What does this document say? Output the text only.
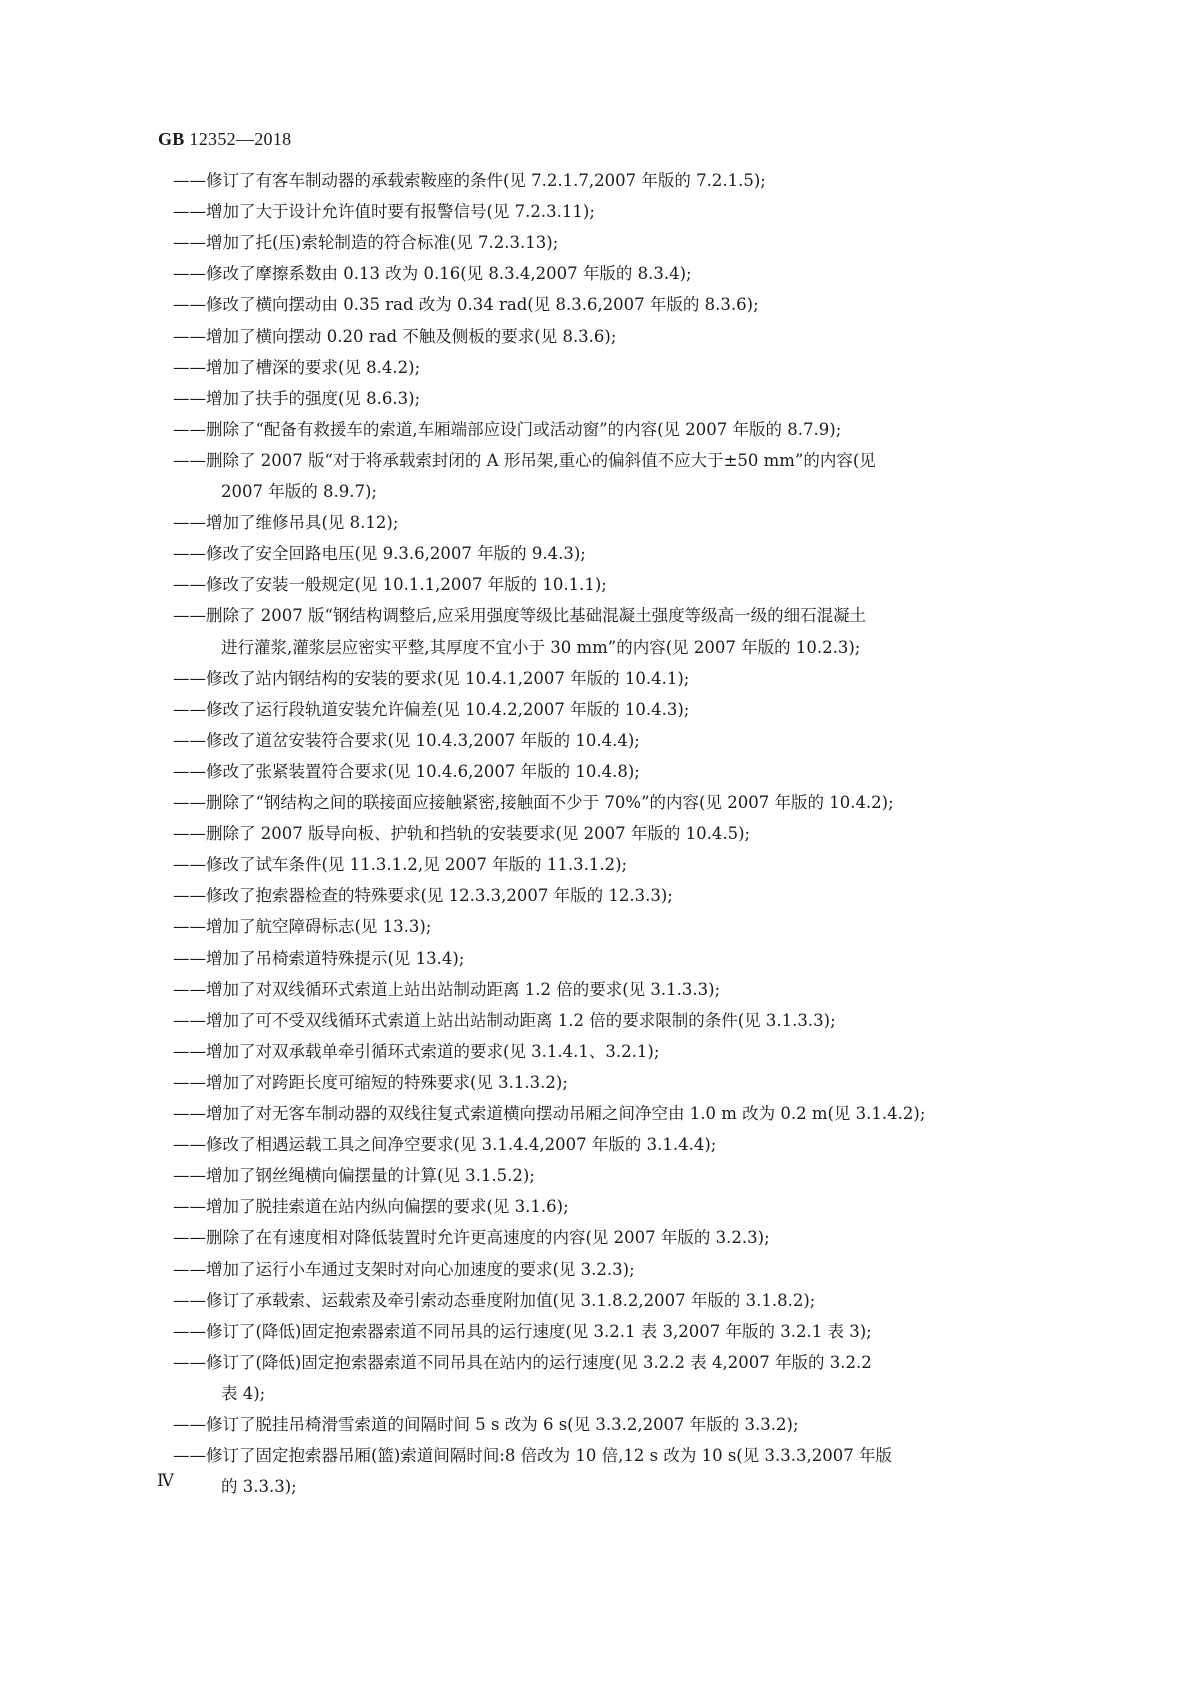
GB 12352—2018
——修订了有客车制动器的承载索鞍座的条件(见 7.2.1.7,2007 年版的 7.2.1.5);
——增加了大于设计允许值时要有报警信号(见 7.2.3.11);
——增加了托(压)索轮制造的符合标准(见 7.2.3.13);
——修改了摩擦系数由 0.13 改为 0.16(见 8.3.4,2007 年版的 8.3.4);
——修改了横向摆动由 0.35 rad 改为 0.34 rad(见 8.3.6,2007 年版的 8.3.6);
——增加了横向摆动 0.20 rad 不触及侧板的要求(见 8.3.6);
——增加了槽深的要求(见 8.4.2);
——增加了扶手的强度(见 8.6.3);
——删除了“配备有救援车的索道,车厢端部应设门或活动窗”的内容(见 2007 年版的 8.7.9);
——删除了 2007 版“对于将承载索封闭的 A 形吊架,重心的偏斜值不应大于±50 mm”的内容(见
2007 年版的 8.9.7);
——增加了维修吊具(见 8.12);
——修改了安全回路电压(见 9.3.6,2007 年版的 9.4.3);
——修改了安装一般规定(见 10.1.1,2007 年版的 10.1.1);
——删除了 2007 版“钢结构调整后,应采用强度等级比基础混凝土强度等级高一级的细石混凝土
进行灌浆,灌浆层应密实平整,其厚度不宜小于 30 mm”的内容(见 2007 年版的 10.2.3);
——修改了站内钢结构的安装的要求(见 10.4.1,2007 年版的 10.4.1);
——修改了运行段轨道安装允许偏差(见 10.4.2,2007 年版的 10.4.3);
——修改了道岔安装符合要求(见 10.4.3,2007 年版的 10.4.4);
——修改了张紧装置符合要求(见 10.4.6,2007 年版的 10.4.8);
——删除了“钢结构之间的联接面应接触紧密,接触面不少于 70%”的内容(见 2007 年版的 10.4.2);
——删除了 2007 版导向板、护轨和挡轨的安装要求(见 2007 年版的 10.4.5);
——修改了试车条件(见 11.3.1.2,见 2007 年版的 11.3.1.2);
——修改了抱索器检查的特殊要求(见 12.3.3,2007 年版的 12.3.3);
——增加了航空障碍标志(见 13.3);
——增加了吊椅索道特殊提示(见 13.4);
——增加了对双线循环式索道上站出站制动距离 1.2 倍的要求(见 3.1.3.3);
——增加了可不受双线循环式索道上站出站制动距离 1.2 倍的要求限制的条件(见 3.1.3.3);
——增加了对双承载单牵引循环式索道的要求(见 3.1.4.1、3.2.1);
——增加了对跨距长度可缩短的特殊要求(见 3.1.3.2);
——增加了对无客车制动器的双线往复式索道横向摆动吊厢之间净空由 1.0 m 改为 0.2 m(见 3.1.4.2);
——修改了相遇运载工具之间净空要求(见 3.1.4.4,2007 年版的 3.1.4.4);
——增加了钢丝绳横向偏摆量的计算(见 3.1.5.2);
——增加了脱挂索道在站内纵向偏摆的要求(见 3.1.6);
——删除了在有速度相对降低装置时允许更高速度的内容(见 2007 年版的 3.2.3);
——增加了运行小车通过支架时对向心加速度的要求(见 3.2.3);
——修订了承载索、运载索及牵引索动态垂度附加值(见 3.1.8.2,2007 年版的 3.1.8.2);
——修订了(降低)固定抱索器索道不同吊具的运行速度(见 3.2.1 表 3,2007 年版的 3.2.1 表 3);
——修订了(降低)固定抱索器索道不同吊具在站内的运行速度(见 3.2.2 表 4,2007 年版的 3.2.2
表 4);
——修订了脱挂吊椅滑雪索道的间隔时间 5 s 改为 6 s(见 3.3.2,2007 年版的 3.3.2);
——修订了固定抱索器吊厢(篮)索道间隔时间:8 倍改为 10 倍,12 s 改为 10 s(见 3.3.3,2007 年版
的 3.3.3);
Ⅳ
